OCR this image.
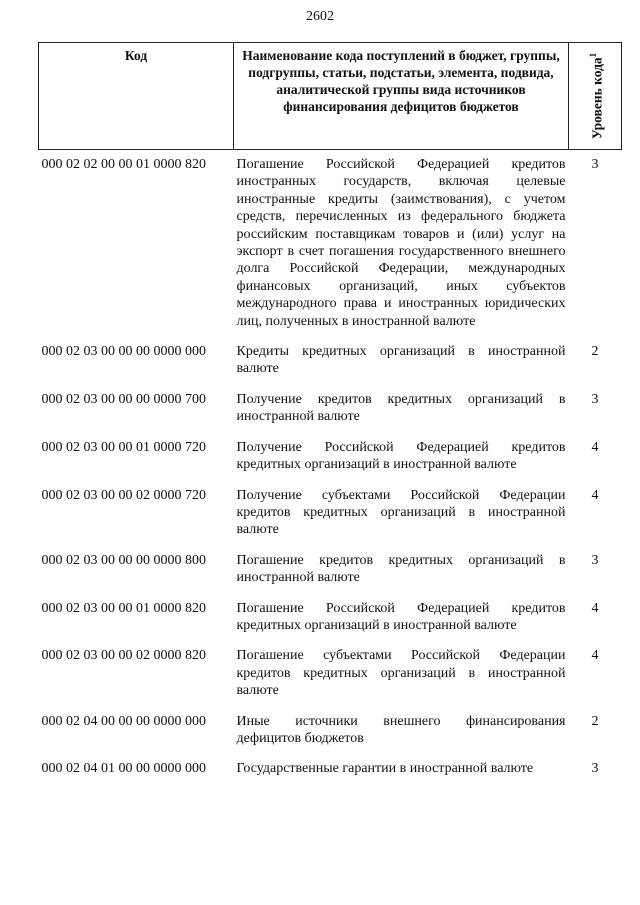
2602
Код	Наименование кода поступлений в бюджет, группы, подгруппы, статьи, подстатьи, элемента, подвида, аналитической группы вида источников финансирования дефицитов бюджетов	Уровень кода$^1$

000 02 02 00 00 01 0000 820	Погашение Российской Федерацией кредитов иностранных государств, включая целевые иностранные кредиты (заимствования), с учетом средств, перечисленных из федерального бюджета российским поставщикам товаров и (или) услуг на экспорт в счет погашения государственного внешнего долга Российской Федерации, международных финансовых организаций, иных субъектов международного права и иностранных юридических лиц, полученных в иностранной валюте	3

000 02 03 00 00 00 0000 000	Кредиты кредитных организаций в иностранной валюте	2

000 02 03 00 00 00 0000 700	Получение кредитов кредитных организаций в иностранной валюте	3

000 02 03 00 00 01 0000 720	Получение Российской Федерацией кредитов кредитных организаций в иностранной валюте	4

000 02 03 00 00 02 0000 720	Получение субъектами Российской Федерации кредитов кредитных организаций в иностранной валюте	4

000 02 03 00 00 00 0000 800	Погашение кредитов кредитных организаций в иностранной валюте	3

000 02 03 00 00 01 0000 820	Погашение Российской Федерацией кредитов кредитных организаций в иностранной валюте	4

000 02 03 00 00 02 0000 820	Погашение субъектами Российской Федерации кредитов кредитных организаций в иностранной валюте	4

000 02 04 00 00 00 0000 000	Иные источники внешнего финансирования дефицитов бюджетов	2

000 02 04 01 00 00 0000 000	Государственные гарантии в иностранной валюте	3
